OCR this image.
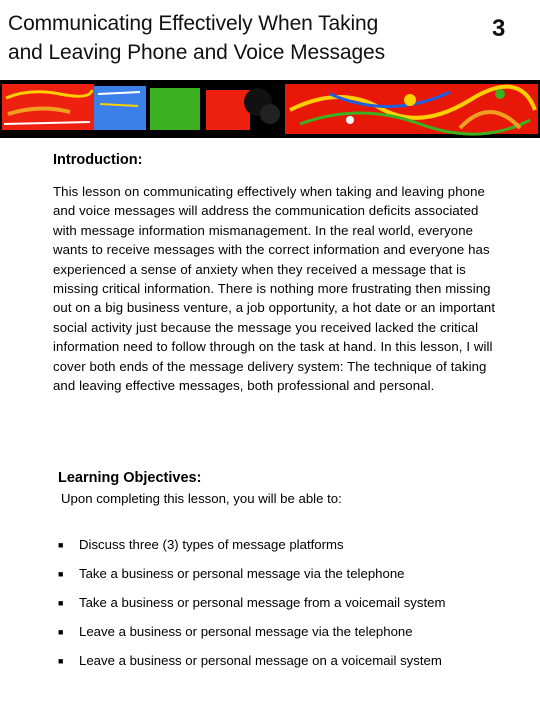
Communicating Effectively When Taking
and Leaving Phone and Voice Messages
3
Introduction:
This lesson on communicating effectively when taking and leaving phone and voice messages will address the communication deficits associated with message information mismanagement. In the real world, everyone wants to receive messages with the correct information and everyone has experienced a sense of anxiety when they received a message that is missing critical information. There is nothing more frustrating then missing out on a big business venture, a job opportunity, a hot date or an important social activity just because the message you received lacked the critical information need to follow through on the task at hand. In this lesson, I will cover both ends of the message delivery system: The technique of taking and leaving effective messages, both professional and personal.
Learning Objectives:
Upon completing this lesson, you will be able to:
■	Discuss three (3) types of message platforms
■	Take a business or personal message via the telephone
■	Take a business or personal message from a voicemail system
■	Leave a business or personal message via the telephone
■	Leave a business or personal message on a voicemail system
